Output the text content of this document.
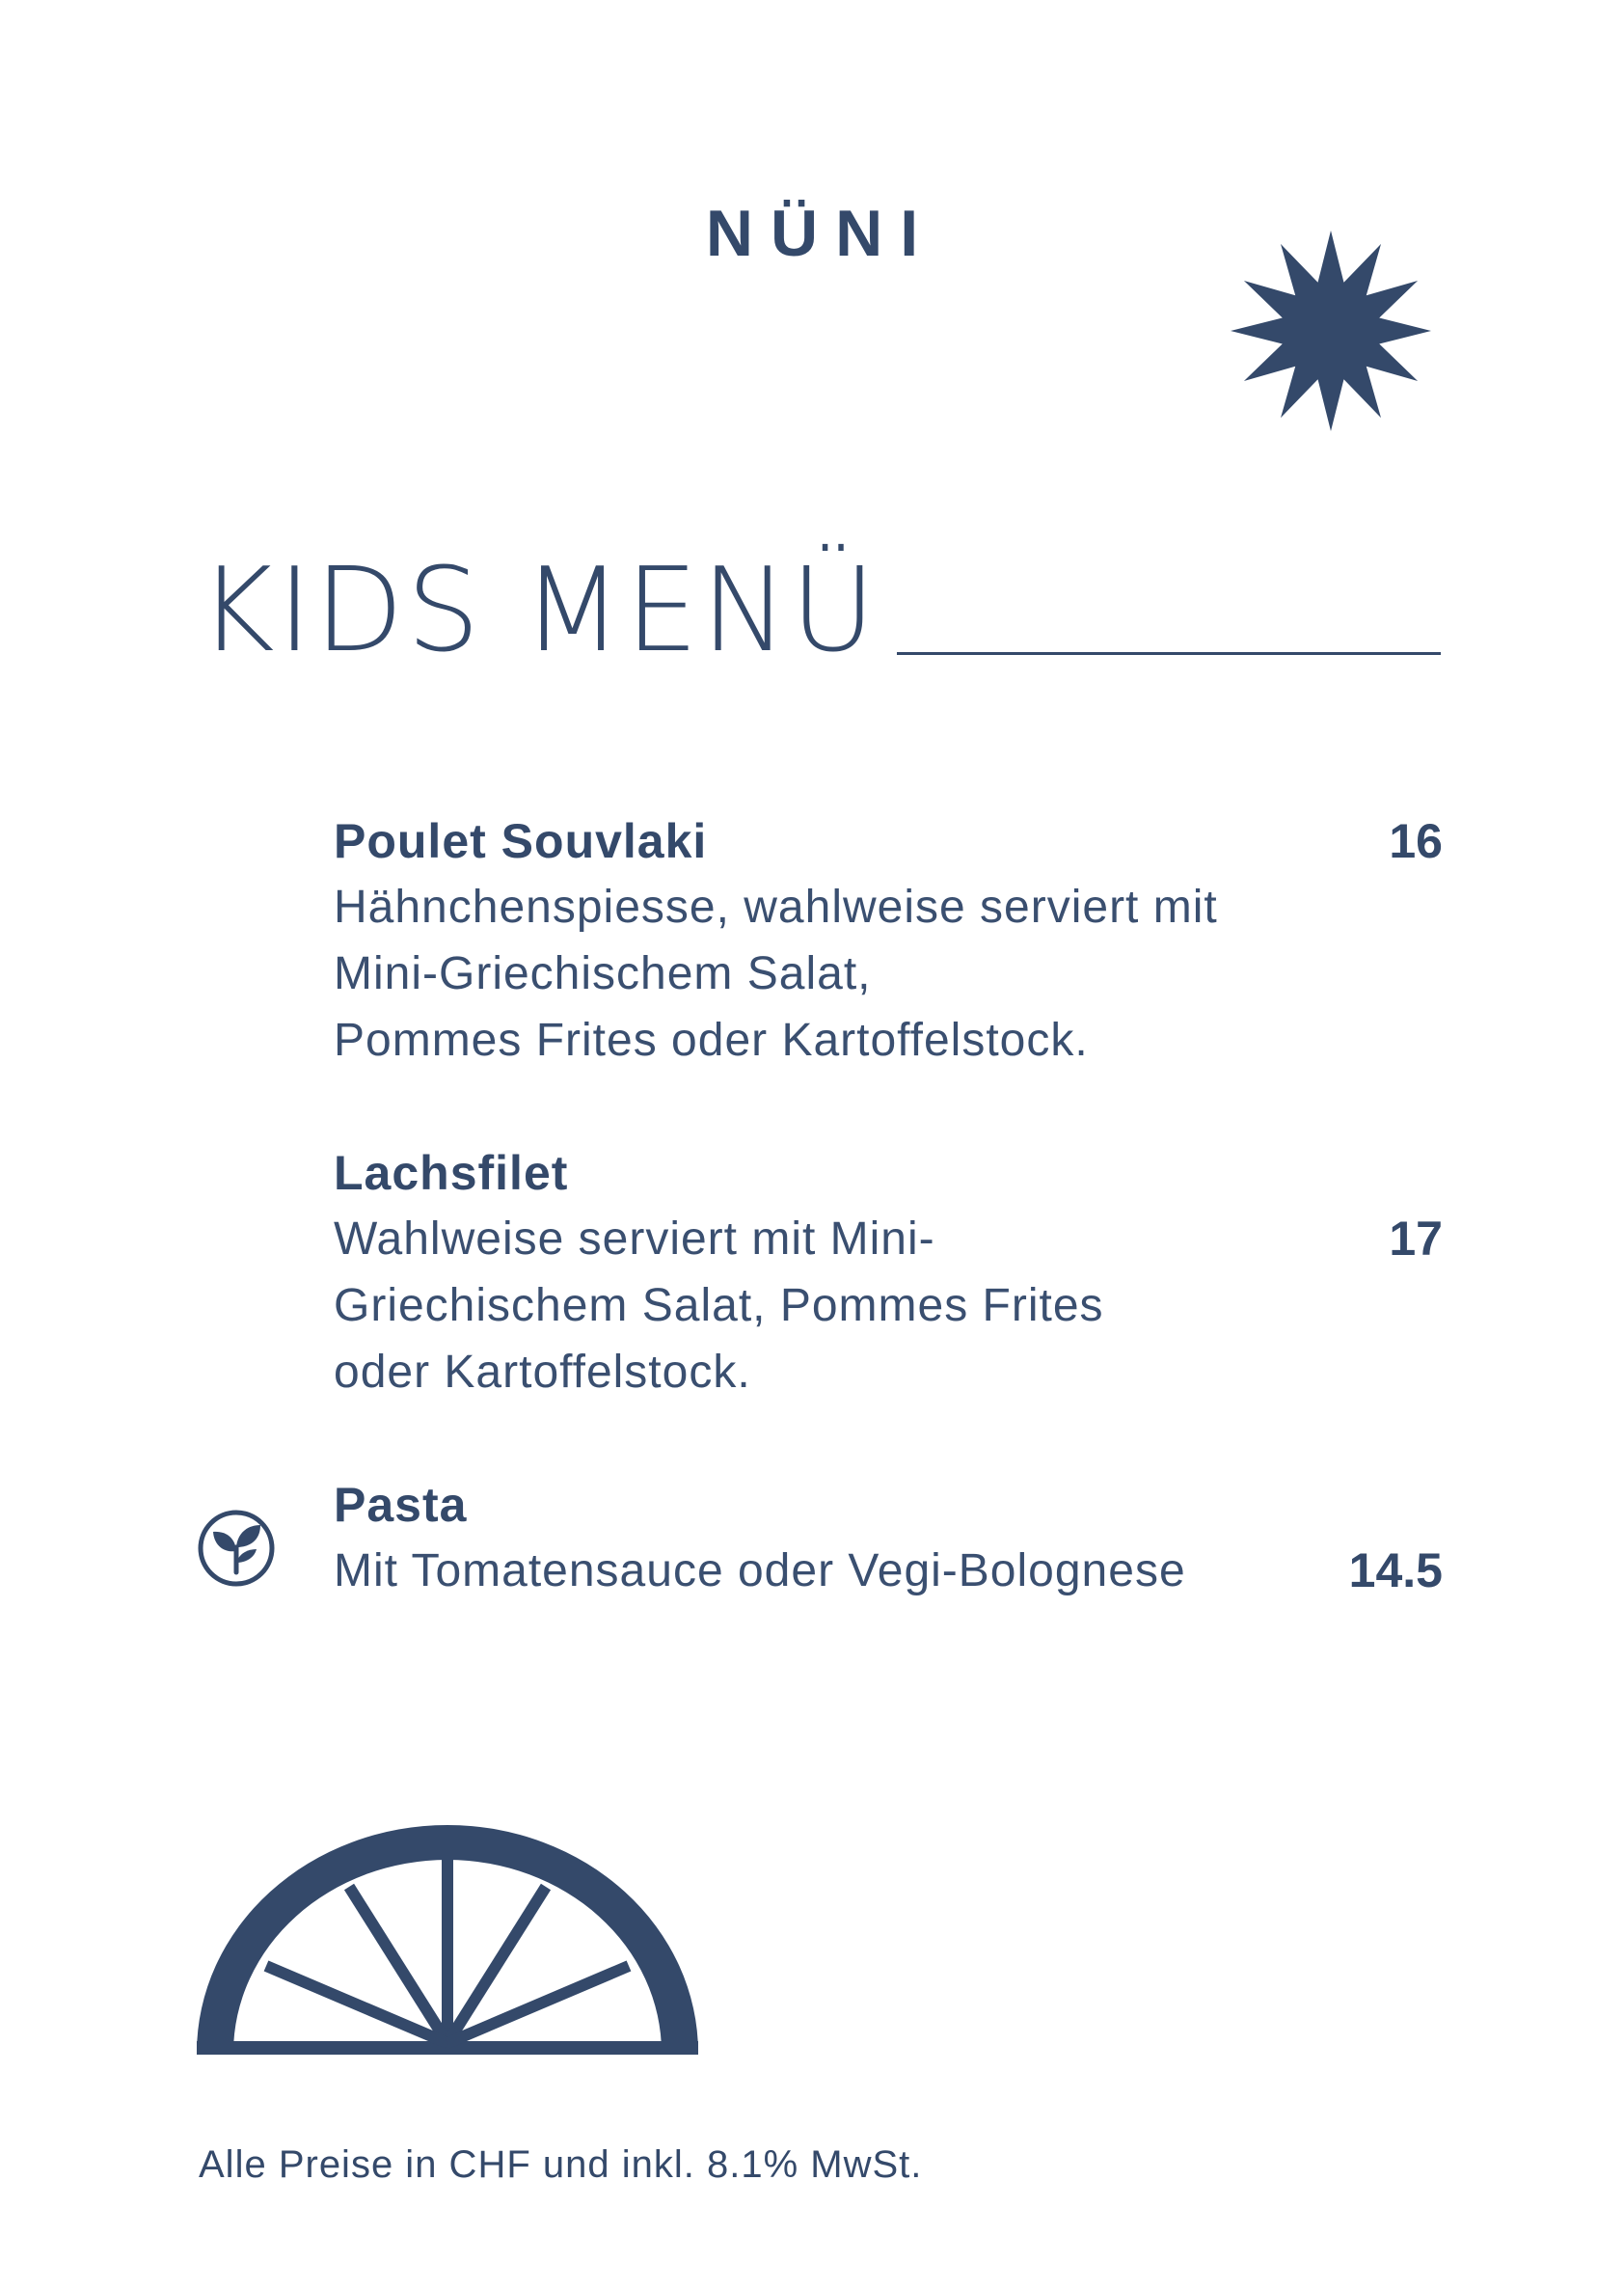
NÜNI
KIDS MENÜ
Poulet Souvlaki	16
Hähnchenspiesse, wahlweise serviert mit
Mini-Griechischem Salat,
Pommes Frites oder Kartoffelstock.
Lachsfilet
17
Wahlweise serviert mit Mini-
Griechischem Salat, Pommes Frites
oder Kartoffelstock.
Pasta
14.5
Mit Tomatensauce oder Vegi-Bolognese
Alle Preise in CHF und inkl. 8.1% MwSt.
